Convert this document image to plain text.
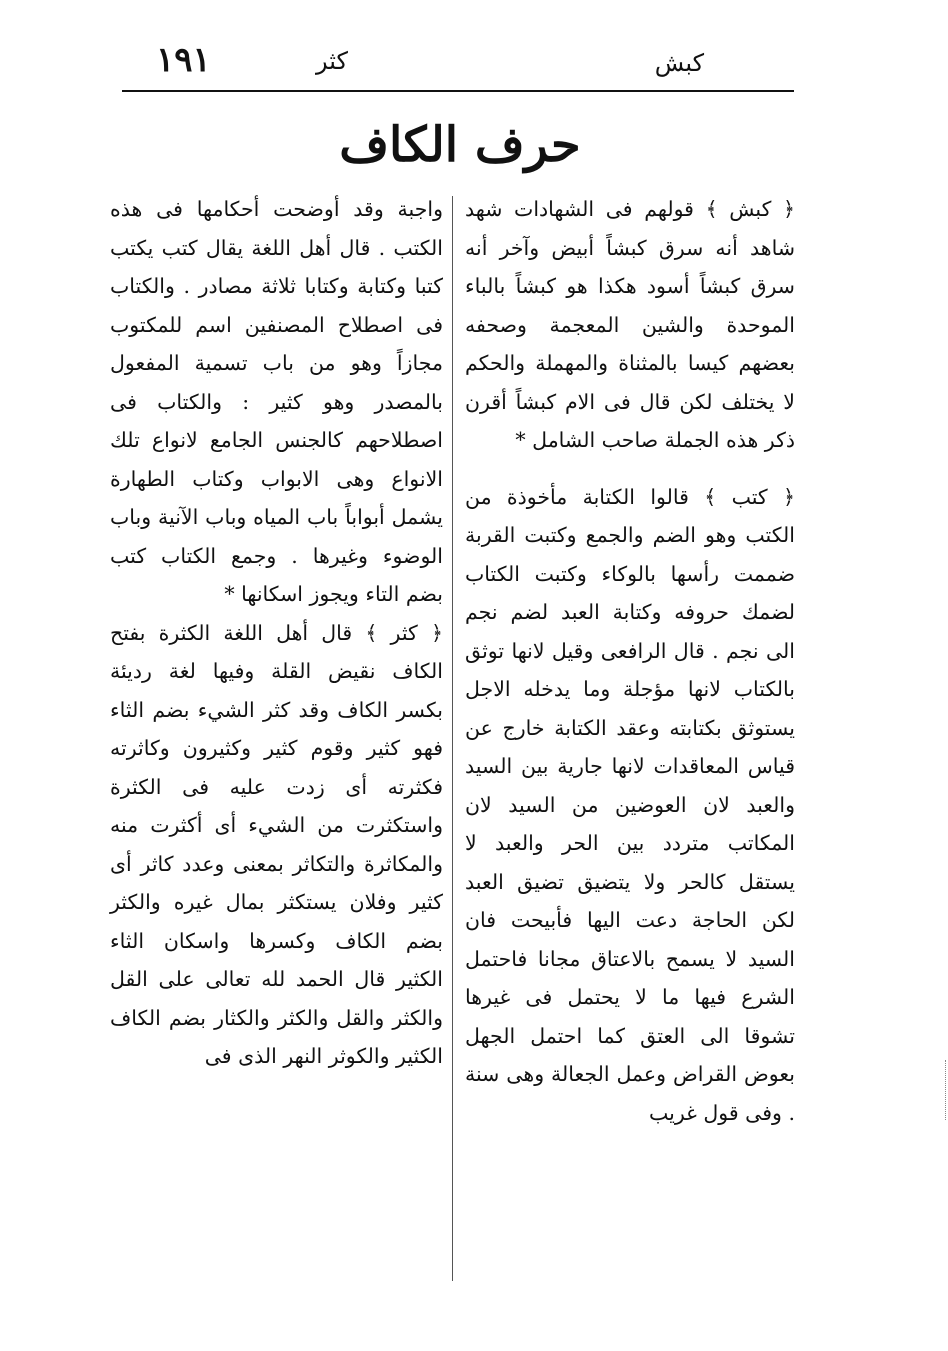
١٩١	كثر	كبش
حرف الكاف

﴿ كبش ﴾ قولهم فى الشهادات شهد شاهد أنه سرق كبشاً أبيض وآخر أنه سرق كبشاً أسود هكذا هو كبشاً بالباء الموحدة والشين المعجمة وصحفه بعضهم كيسا بالمثناة والمهملة والحكم لا يختلف لكن قال فى الام كبشاً أقرن ذكر هذه الجملة صاحب الشامل *

﴿ كتب ﴾ قالوا الكتابة مأخوذة من الكتب وهو الضم والجمع وكتبت القربة ضممت رأسها بالوكاء وكتبت الكتاب لضمك حروفه وكتابة العبد لضم نجم الى نجم . قال الرافعى وقيل لانها توثق بالكتاب لانها مؤجلة وما يدخله الاجل يستوثق بكتابته وعقد الكتابة خارج عن قياس المعاقدات لانها جارية بين السيد والعبد لان العوضين من السيد لان المكاتب متردد بين الحر والعبد لا يستقل كالحر ولا يتضيق تضيق العبد لكن الحاجة دعت اليها فأبيحت فان السيد لا يسمح بالاعتاق مجانا فاحتمل الشرع فيها ما لا يحتمل فى غيرها تشوقا الى العتق كما احتمل الجهل بعوض القراض وعمل الجعالة وهى سنة . وفى قول غريب

واجبة وقد أوضحت أحكامها فى هذه الكتب . قال أهل اللغة يقال كتب يكتب كتبا وكتابة وكتابا ثلاثة مصادر . والكتاب فى اصطلاح المصنفين اسم للمكتوب مجازاً وهو من باب تسمية المفعول بالمصدر وهو كثير : والكتاب فى اصطلاحهم كالجنس الجامع لانواع تلك الانواع وهى الابواب وكتاب الطهارة يشمل أبواباً باب المياه وباب الآنية وباب الوضوء وغيرها . وجمع الكتاب كتب بضم التاء ويجوز اسكانها *

﴿ كثر ﴾ قال أهل اللغة الكثرة بفتح الكاف نقيض القلة وفيها لغة رديئة بكسر الكاف وقد كثر الشيء بضم الثاء فهو كثير وقوم كثير وكثيرون وكاثرته فكثرته أى زدت عليه فى الكثرة واستكثرت من الشيء أى أكثرت منه والمكاثرة والتكاثر بمعنى وعدد كاثر أى كثير وفلان يستكثر بمال غيره والكثر بضم الكاف وكسرها واسكان الثاء الكثير قال الحمد لله تعالى على القل والكثر والقل والكثر والكثار بضم الكاف الكثير والكوثر النهر الذى فى
